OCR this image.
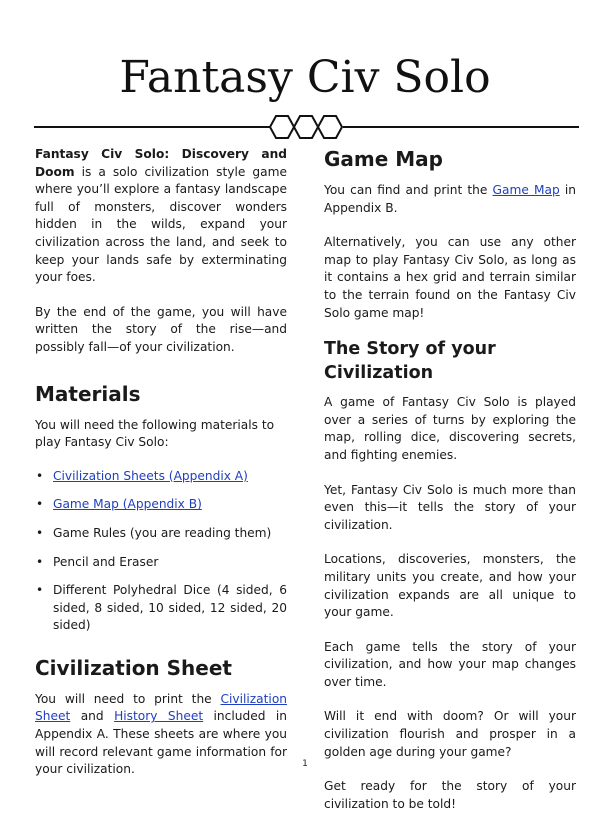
Fantasy Civ Solo

Fantasy Civ Solo: Discovery and Doom is a solo civilization style game where you’ll explore a fantasy landscape full of monsters, discover wonders hidden in the wilds, expand your civilization across the land, and seek to keep your lands safe by exterminating your foes.

By the end of the game, you will have written the story of the rise—and possibly fall—of your civilization.

Materials

You will need the following materials to play Fantasy Civ Solo:

• Civilization Sheets (Appendix A)
• Game Map (Appendix B)
• Game Rules (you are reading them)
• Pencil and Eraser
• Different Polyhedral Dice (4 sided, 6 sided, 8 sided, 10 sided, 12 sided, 20 sided)
Civilization Sheet

You will need to print the Civilization Sheet and History Sheet included in Appendix A. These sheets are where you will record relevant game information for your civilization.

Game Map

You can find and print the Game Map in Appendix B.

Alternatively, you can use any other map to play Fantasy Civ Solo, as long as it contains a hex grid and terrain similar to the terrain found on the Fantasy Civ Solo game map!

The Story of your Civilization

A game of Fantasy Civ Solo is played over a series of turns by exploring the map, rolling dice, discovering secrets, and fighting enemies.

Yet, Fantasy Civ Solo is much more than even this—it tells the story of your civilization.

Locations, discoveries, monsters, the military units you create, and how your civilization expands are all unique to your game.

Each game tells the story of your civilization, and how your map changes over time.

Will it end with doom? Or will your civilization flourish and prosper in a golden age during your game?

Get ready for the story of your civilization to be told!

1
